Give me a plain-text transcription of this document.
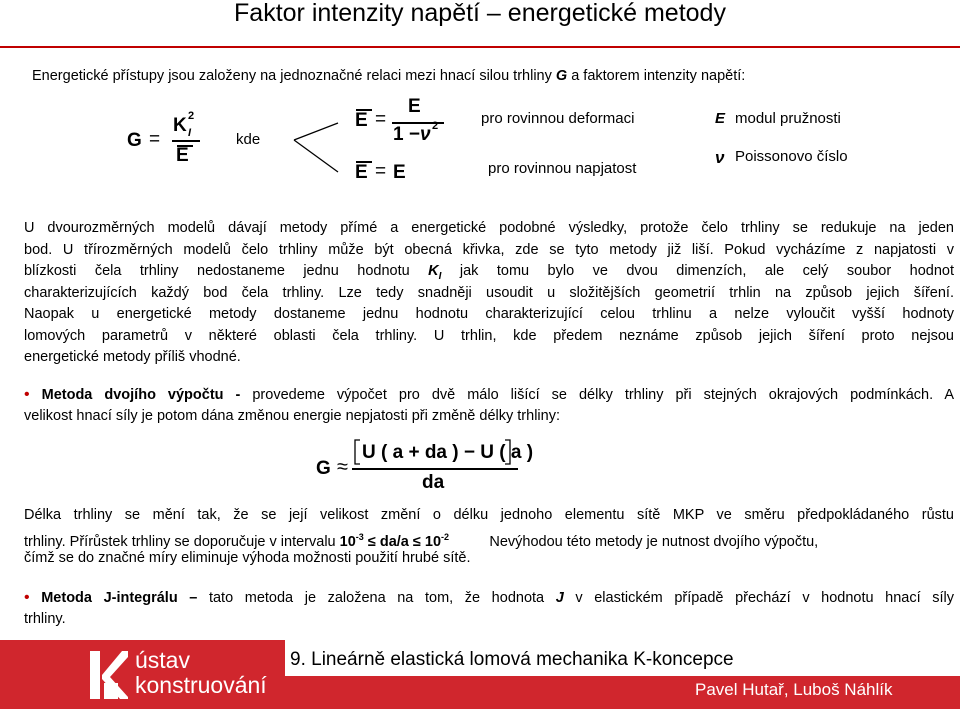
Faktor intenzity napětí – energetické metody
Energetické přístupy jsou založeny na jednoznačné relaci mezi hnací silou trhliny G a faktorem intenzity napětí:
G =
K 2
I
E
kde
E =
E
1 − ν 2
E = E
pro rovinnou deformaci
pro rovinnou napjatost
E modul pružnosti
ν Poissonovo číslo
U dvourozměrných modelů dávají metody přímé a energetické podobné výsledky, protože čelo trhliny se redukuje na jeden
bod. U třírozměrných modelů čelo trhliny může být obecná křivka, zde se tyto metody již liší. Pokud vycházíme z napjatosti v
blízkosti čela trhliny nedostaneme jednu hodnotu $K_I$ jak tomu bylo ve dvou dimenzích, ale celý soubor hodnot
charakterizujících každý bod čela trhliny. Lze tedy snadněji usoudit u složitějších geometrií trhlin na způsob jejich šíření.
Naopak u energetické metody dostaneme jednu hodnotu charakterizující celou trhlinu a nelze vyloučit vyšší hodnoty
lomových parametrů v některé oblasti čela trhliny. U trhlin, kde předem neznáme způsob jejich šíření proto nejsou
energetické metody příliš vhodné.
• Metoda dvojího výpočtu - provedeme výpočet pro dvě málo lišící se délky trhliny při stejných okrajových podmínkách. A
velikost hnací síly je potom dána změnou energie nepjatosti při změně délky trhliny:
G ≈
U ( a + da ) − U ( a )
da
Délka trhliny se mění tak, že se její velikost změní o délku jednoho elementu sítě MKP ve směru předpokládaného růstu
trhliny. Přírůstek trhliny se doporučuje v intervalu $10^{-3} \le da/a \le 10^{-2}$	Nevýhodou této metody je nutnost dvojího výpočtu,
čímž se do značné míry eliminuje výhoda možnosti použití hrubé sítě.
• Metoda J-integrálu – tato metoda je založena na tom, že hodnota J v elastickém případě přechází v hodnotu hnací síly
trhliny.
9. Lineárně elastická lomová mechanika K-koncepce
Pavel Hutař, Luboš Náhlík
ústav
konstruování
